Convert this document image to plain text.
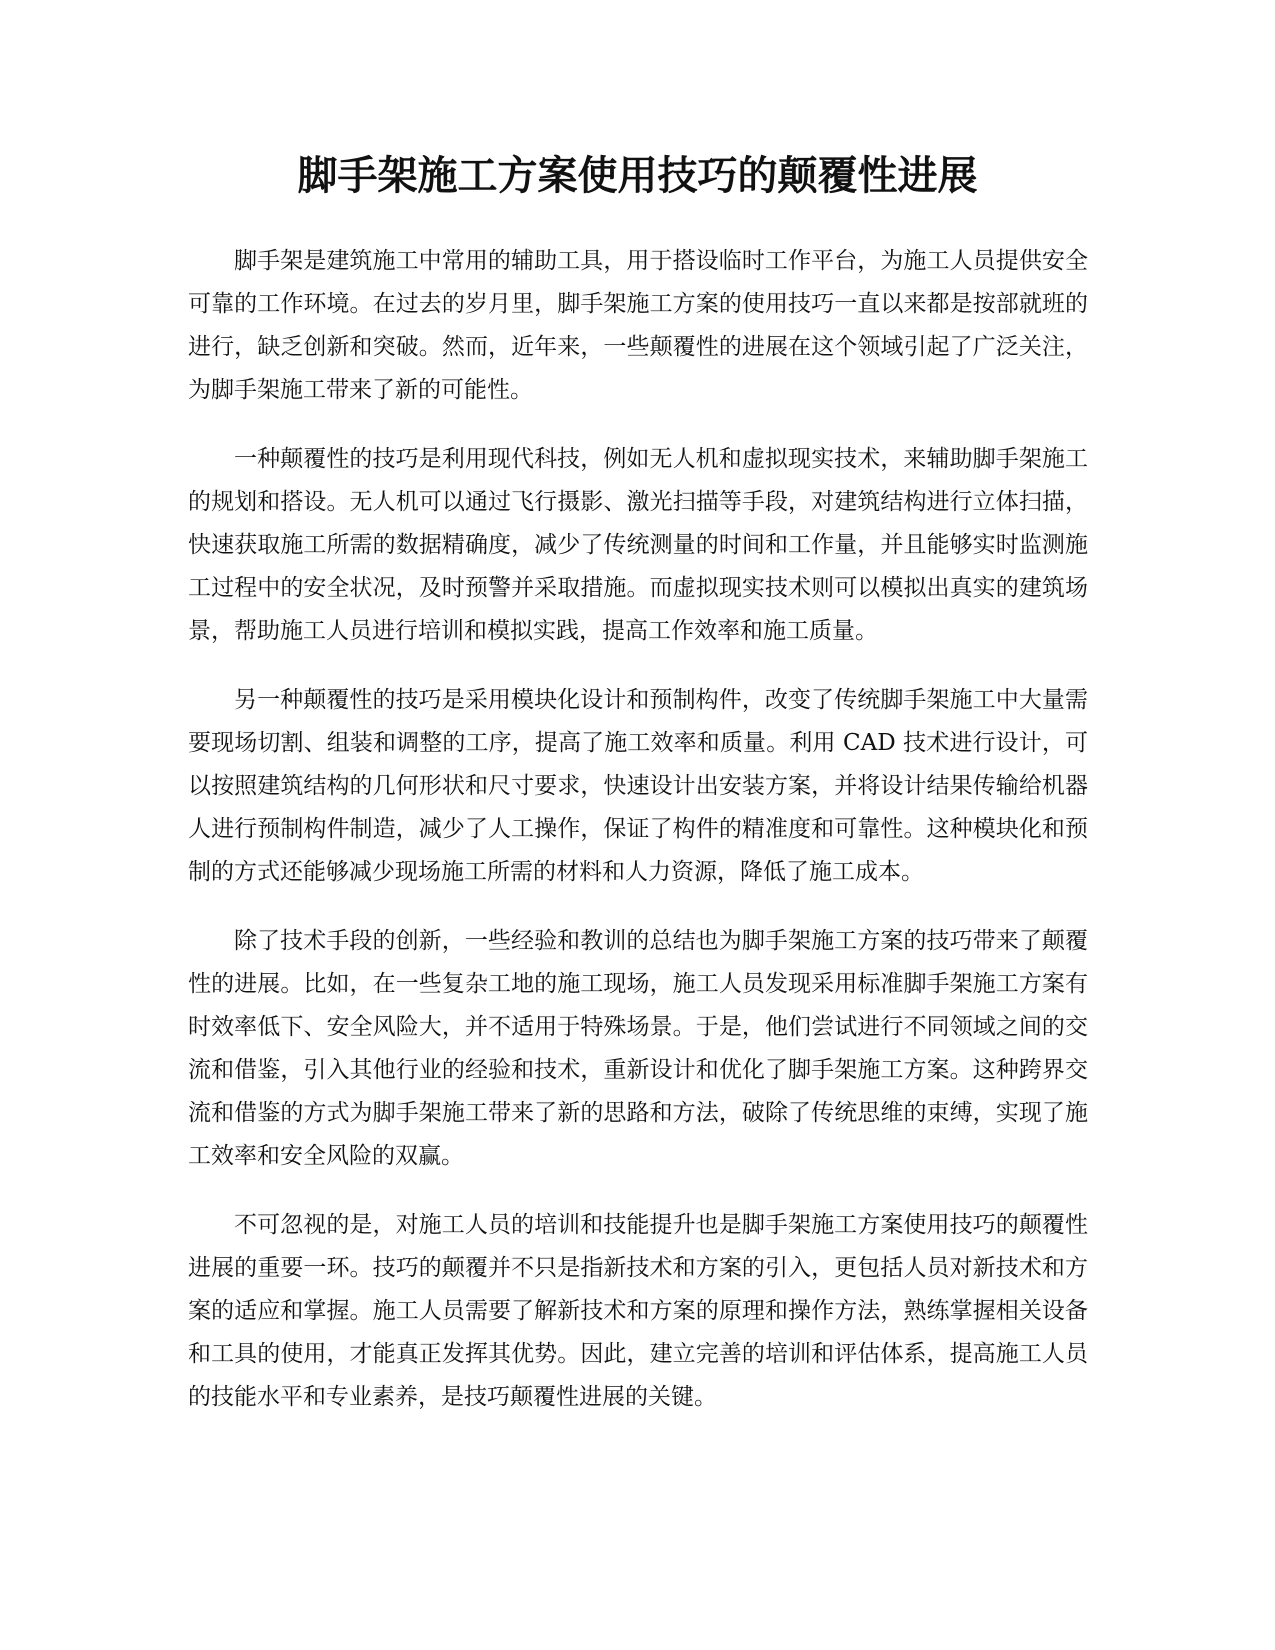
脚手架施工方案使用技巧的颠覆性进展

脚手架是建筑施工中常用的辅助工具，用于搭设临时工作平台，为施工人员提供安全可靠的工作环境。在过去的岁月里，脚手架施工方案的使用技巧一直以来都是按部就班的进行，缺乏创新和突破。然而，近年来，一些颠覆性的进展在这个领域引起了广泛关注，为脚手架施工带来了新的可能性。

一种颠覆性的技巧是利用现代科技，例如无人机和虚拟现实技术，来辅助脚手架施工的规划和搭设。无人机可以通过飞行摄影、激光扫描等手段，对建筑结构进行立体扫描，快速获取施工所需的数据精确度，减少了传统测量的时间和工作量，并且能够实时监测施工过程中的安全状况，及时预警并采取措施。而虚拟现实技术则可以模拟出真实的建筑场景，帮助施工人员进行培训和模拟实践，提高工作效率和施工质量。

另一种颠覆性的技巧是采用模块化设计和预制构件，改变了传统脚手架施工中大量需要现场切割、组装和调整的工序，提高了施工效率和质量。利用 CAD 技术进行设计，可以按照建筑结构的几何形状和尺寸要求，快速设计出安装方案，并将设计结果传输给机器人进行预制构件制造，减少了人工操作，保证了构件的精准度和可靠性。这种模块化和预制的方式还能够减少现场施工所需的材料和人力资源，降低了施工成本。

除了技术手段的创新，一些经验和教训的总结也为脚手架施工方案的技巧带来了颠覆性的进展。比如，在一些复杂工地的施工现场，施工人员发现采用标准脚手架施工方案有时效率低下、安全风险大，并不适用于特殊场景。于是，他们尝试进行不同领域之间的交流和借鉴，引入其他行业的经验和技术，重新设计和优化了脚手架施工方案。这种跨界交流和借鉴的方式为脚手架施工带来了新的思路和方法，破除了传统思维的束缚，实现了施工效率和安全风险的双赢。

不可忽视的是，对施工人员的培训和技能提升也是脚手架施工方案使用技巧的颠覆性进展的重要一环。技巧的颠覆并不只是指新技术和方案的引入，更包括人员对新技术和方案的适应和掌握。施工人员需要了解新技术和方案的原理和操作方法，熟练掌握相关设备和工具的使用，才能真正发挥其优势。因此，建立完善的培训和评估体系，提高施工人员的技能水平和专业素养，是技巧颠覆性进展的关键。
